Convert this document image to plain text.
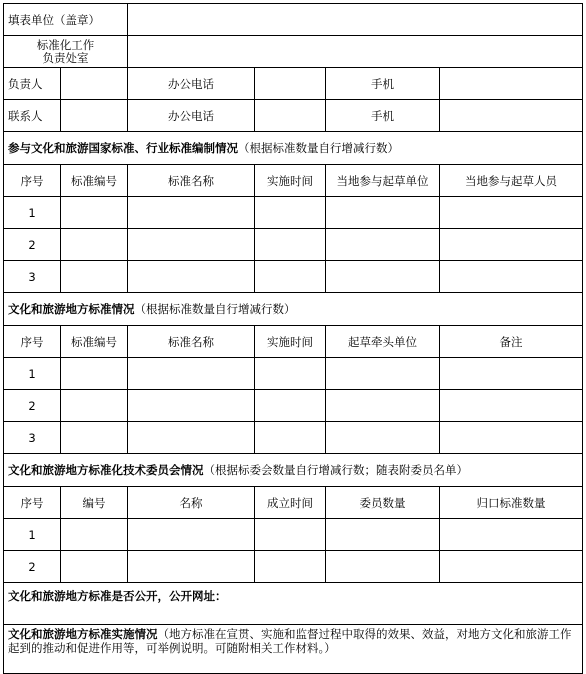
填表单位（盖章）					

标准化工作
负责处室					

负责人		办公电话		手机	
联系人		办公电话		手机	
参与文化和旅游国家标准、行业标准编制情况（根据标准数量自行增减行数）					
序号	标准编号	标准名称	实施时间	当地参与起草单位	当地参与起草人员
1					
2					
3					
文化和旅游地方标准情况（根据标准数量自行增减行数）					
序号	标准编号	标准名称	实施时间	起草牵头单位	备注
1					
2					
3					
文化和旅游地方标准化技术委员会情况（根据标委会数量自行增减行数；随表附委员名单）					
序号	编号	名称	成立时间	委员数量	归口标准数量
1					
2					
文化和旅游地方标准是否公开，公开网址：					
文化和旅游地方标准实施情况（地方标准在宣贯、实施和监督过程中取得的效果、效益，对地方文化和旅游工作起到的推动和促进作用等，可举例说明。可随附相关工作材料。）					
